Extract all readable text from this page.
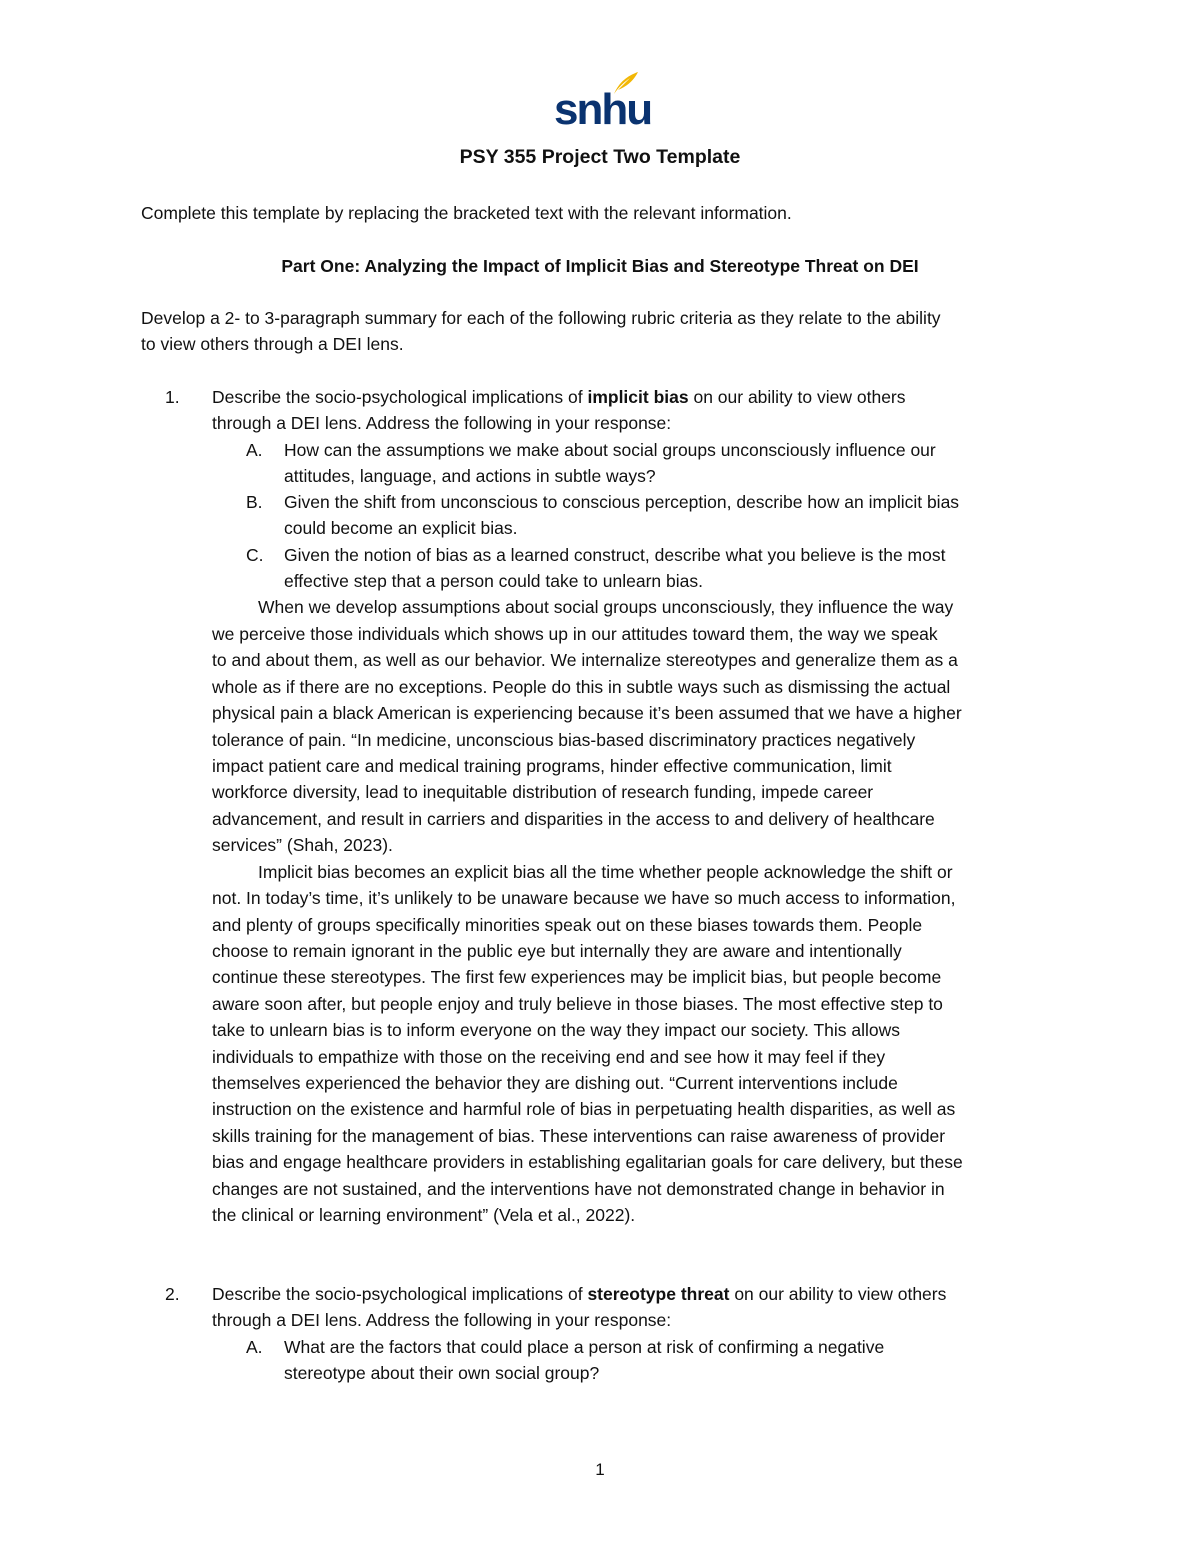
snhu
PSY 355 Project Two Template
Complete this template by replacing the bracketed text with the relevant information.
Part One: Analyzing the Impact of Implicit Bias and Stereotype Threat on DEI
Develop a 2- to 3-paragraph summary for each of the following rubric criteria as they relate to the ability
to view others through a DEI lens.
1. Describe the socio-psychological implications of implicit bias on our ability to view others
through a DEI lens. Address the following in your response:
A. How can the assumptions we make about social groups unconsciously influence our
attitudes, language, and actions in subtle ways?
B. Given the shift from unconscious to conscious perception, describe how an implicit bias
could become an explicit bias.
C. Given the notion of bias as a learned construct, describe what you believe is the most
effective step that a person could take to unlearn bias.
When we develop assumptions about social groups unconsciously, they influence the way
we perceive those individuals which shows up in our attitudes toward them, the way we speak
to and about them, as well as our behavior. We internalize stereotypes and generalize them as a
whole as if there are no exceptions. People do this in subtle ways such as dismissing the actual
physical pain a black American is experiencing because it’s been assumed that we have a higher
tolerance of pain. “In medicine, unconscious bias-based discriminatory practices negatively
impact patient care and medical training programs, hinder effective communication, limit
workforce diversity, lead to inequitable distribution of research funding, impede career
advancement, and result in carriers and disparities in the access to and delivery of healthcare
services” (Shah, 2023).
Implicit bias becomes an explicit bias all the time whether people acknowledge the shift or
not. In today’s time, it’s unlikely to be unaware because we have so much access to information,
and plenty of groups specifically minorities speak out on these biases towards them. People
choose to remain ignorant in the public eye but internally they are aware and intentionally
continue these stereotypes. The first few experiences may be implicit bias, but people become
aware soon after, but people enjoy and truly believe in those biases. The most effective step to
take to unlearn bias is to inform everyone on the way they impact our society. This allows
individuals to empathize with those on the receiving end and see how it may feel if they
themselves experienced the behavior they are dishing out. “Current interventions include
instruction on the existence and harmful role of bias in perpetuating health disparities, as well as
skills training for the management of bias. These interventions can raise awareness of provider
bias and engage healthcare providers in establishing egalitarian goals for care delivery, but these
changes are not sustained, and the interventions have not demonstrated change in behavior in
the clinical or learning environment” (Vela et al., 2022).
2. Describe the socio-psychological implications of stereotype threat on our ability to view others
through a DEI lens. Address the following in your response:
A. What are the factors that could place a person at risk of confirming a negative
stereotype about their own social group?
1
